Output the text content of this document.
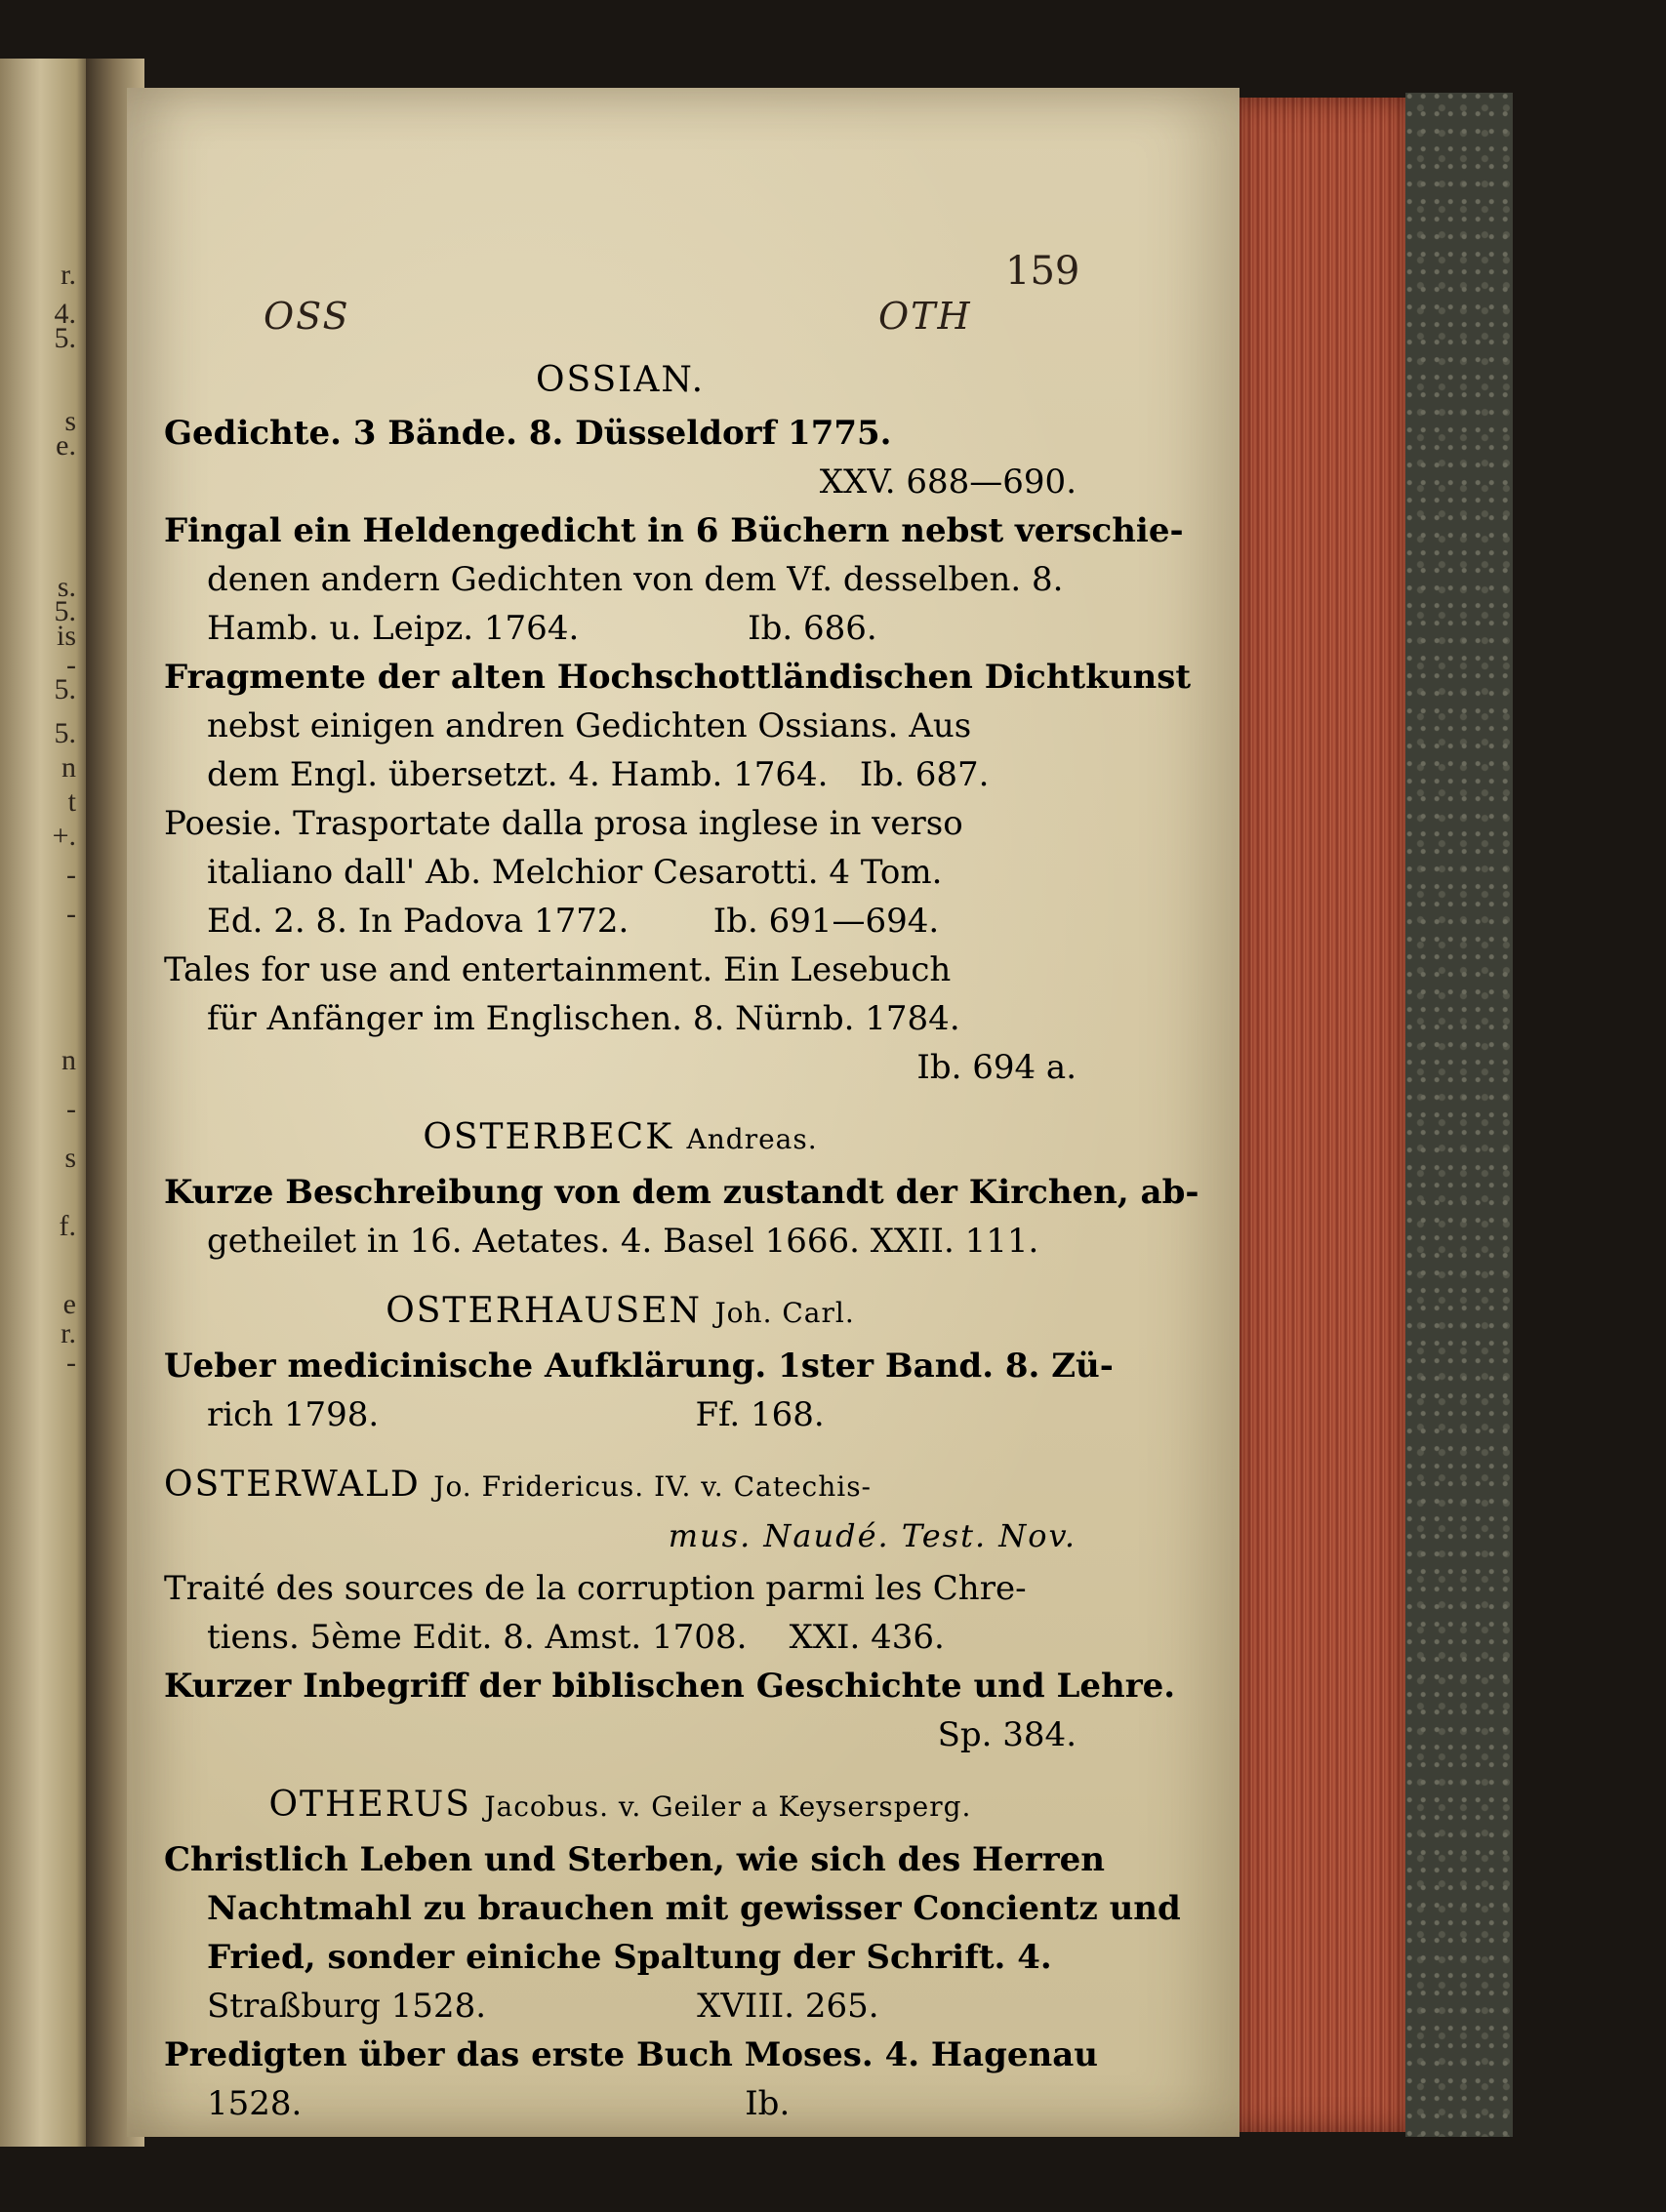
r.
4.
5.
s
e.
s.
5.
is
-
5.
5.
n
t
+.
-
-
n
-
s
f.
e
r.
-
159
OSS	OTH
OSSIAN.
Gedichte. 3 Bände. 8. Düsseldorf 1775.
XXV. 688—690.
Fingal ein Heldengedicht in 6 Büchern nebst verschie-
denen andern Gedichten von dem Vf. desselben. 8.
Hamb. u. Leipz. 1764.                Ib. 686.
Fragmente der alten Hochschottländischen Dichtkunst
nebst einigen andren Gedichten Ossians. Aus
dem Engl. übersetzt. 4. Hamb. 1764.   Ib. 687.
Poesie. Trasportate dalla prosa inglese in verso
italiano dall' Ab. Melchior Cesarotti. 4 Tom.
Ed. 2. 8. In Padova 1772.        Ib. 691—694.
Tales for use and entertainment. Ein Lesebuch
für Anfänger im Englischen. 8. Nürnb. 1784.
Ib. 694 a.
OSTERBECK Andreas.
Kurze Beschreibung von dem zustandt der Kirchen, ab-
getheilet in 16. Aetates. 4. Basel 1666. XXII. 111.
OSTERHAUSEN Joh. Carl.
Ueber medicinische Aufklärung. 1ster Band. 8. Zü-
rich 1798.                              Ff. 168.
OSTERWALD Jo. Fridericus. IV. v. Catechis-
mus. Naudé. Test. Nov.
Traité des sources de la corruption parmi les Chre-
tiens. 5ème Edit. 8. Amst. 1708.    XXI. 436.
Kurzer Inbegriff der biblischen Geschichte und Lehre.
Sp. 384.
OTHERUS Jacobus. v. Geiler a Keysersperg.
Christlich Leben und Sterben, wie sich des Herren
Nachtmahl zu brauchen mit gewisser Concientz und
Fried, sonder einiche Spaltung der Schrift. 4.
Straßburg 1528.                    XVIII. 265.
Predigten über das erste Buch Moses. 4. Hagenau
1528.                                          Ib.
